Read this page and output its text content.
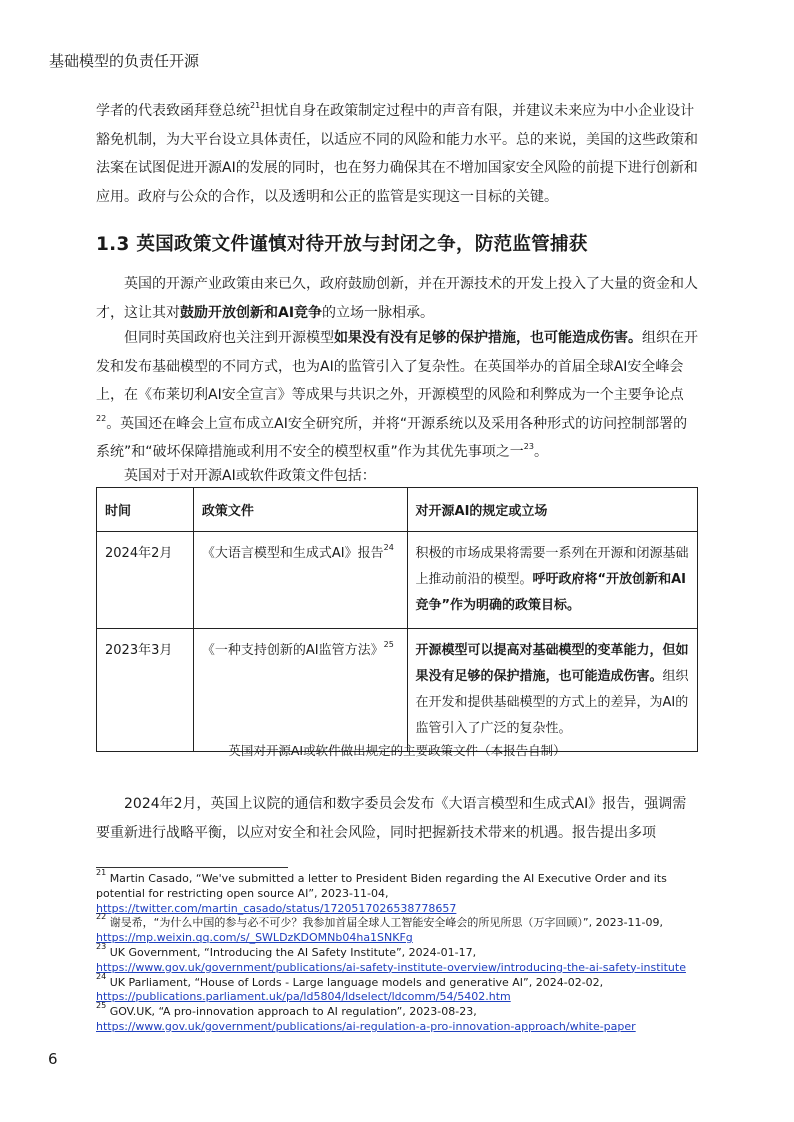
基础模型的负责任开源

学者的代表致函拜登总统$^{21}$担忧自身在政策制定过程中的声音有限，并建议未来应为中小企业设计豁免机制，为大平台设立具体责任，以适应不同的风险和能力水平。总的来说，美国的这些政策和法案在试图促进开源AI的发展的同时，也在努力确保其在不增加国家安全风险的前提下进行创新和应用。政府与公众的合作，以及透明和公正的监管是实现这一目标的关键。

1.3 英国政策文件谨慎对待开放与封闭之争，防范监管捕获

英国的开源产业政策由来已久，政府鼓励创新，并在开源技术的开发上投入了大量的资金和人才，这让其对鼓励开放创新和AI竞争的立场一脉相承。

但同时英国政府也关注到开源模型如果没有没有足够的保护措施，也可能造成伤害。组织在开发和发布基础模型的不同方式，也为AI的监管引入了复杂性。在英国举办的首届全球AI安全峰会上，在《布莱切利AI安全宣言》等成果与共识之外，开源模型的风险和利弊成为一个主要争论点$^{22}$。英国还在峰会上宣布成立AI安全研究所，并将“开源系统以及采用各种形式的访问控制部署的系统”和“破坏保障措施或利用不安全的模型权重”作为其优先事项之一$^{23}$。

英国对于对开源AI或软件政策文件包括：

时间	政策文件	对开源AI的规定或立场
2024年2月	《大语言模型和生成式AI》报告$^{24}$	积极的市场成果将需要一系列在开源和闭源基础上推动前沿的模型。呼吁政府将“开放创新和AI竞争”作为明确的政策目标。
2023年3月	《一种支持创新的AI监管方法》$^{25}$	开源模型可以提高对基础模型的变革能力，但如果没有足够的保护措施，也可能造成伤害。组织在开发和提供基础模型的方式上的差异，为AI的监管引入了广泛的复杂性。

英国对开源AI或软件做出规定的主要政策文件（本报告自制）

2024年2月，英国上议院的通信和数字委员会发布《大语言模型和生成式AI》报告，强调需要重新进行战略平衡，以应对安全和社会风险，同时把握新技术带来的机遇。报告提出多项

$^{21}$ Martin Casado, “We've submitted a letter to President Biden regarding the AI Executive Order and its potential for restricting open source AI”, 2023-11-04, https://twitter.com/martin_casado/status/1720517026538778657

$^{22}$ 谢旻希，“为什么中国的参与必不可少？我参加首届全球人工智能安全峰会的所见所思（万字回顾）”, 2023-11-09, https://mp.weixin.qq.com/s/_SWLDzKDOMNb04ha1SNKFg

$^{23}$ UK Government, “Introducing the AI Safety Institute”, 2024-01-17, https://www.gov.uk/government/publications/ai-safety-institute-overview/introducing-the-ai-safety-institute

$^{24}$ UK Parliament, “House of Lords - Large language models and generative AI”, 2024-02-02, https://publications.parliament.uk/pa/ld5804/ldselect/ldcomm/54/5402.htm

$^{25}$ GOV.UK, “A pro-innovation approach to AI regulation”, 2023-08-23, https://www.gov.uk/government/publications/ai-regulation-a-pro-innovation-approach/white-paper

6
